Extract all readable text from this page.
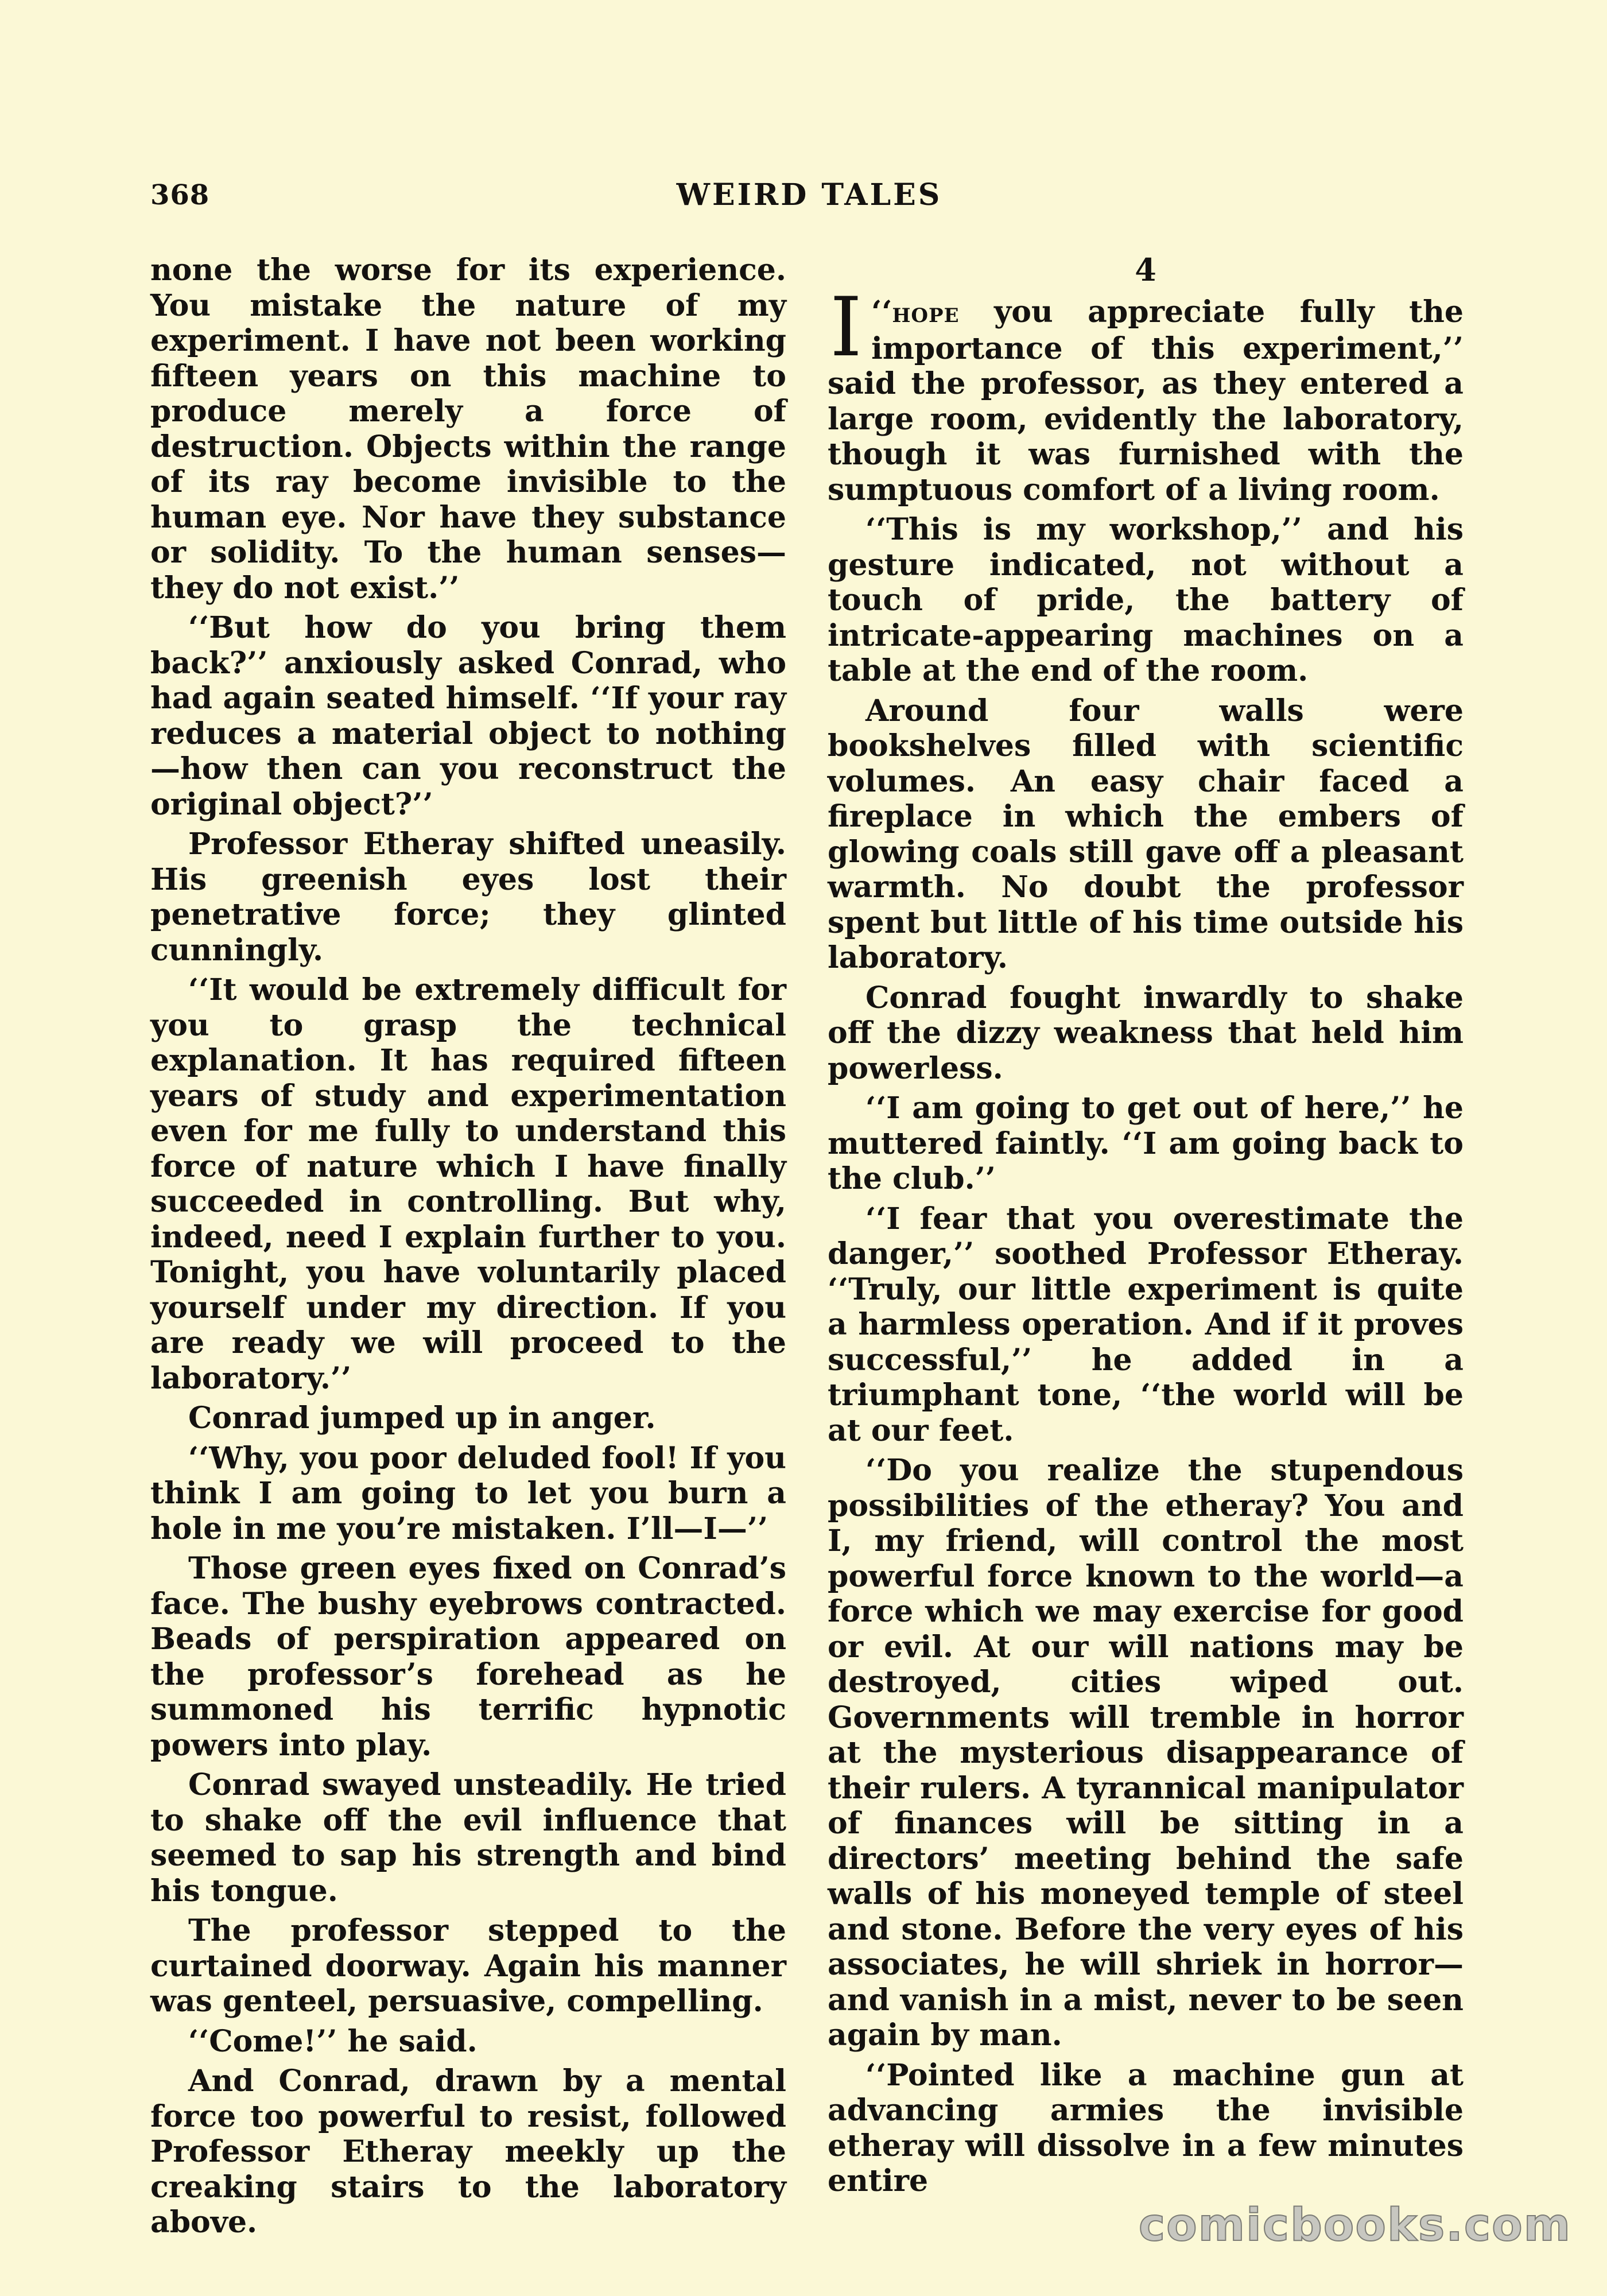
368	WEIRD TALES

none the worse for its experience. You mistake the nature of my experiment. I have not been working fifteen years on this machine to produce merely a force of destruction. Objects within the range of its ray become invisible to the human eye. Nor have they substance or solidity. To the human senses—they do not exist.’’

‘‘But how do you bring them back?’’ anxiously asked Conrad, who had again seated himself. ‘‘If your ray reduces a material object to nothing—how then can you reconstruct the original object?’’

Professor Etheray shifted uneasily. His greenish eyes lost their penetrative force; they glinted cunningly.

‘‘It would be extremely difficult for you to grasp the technical explanation. It has required fifteen years of study and experimentation even for me fully to understand this force of nature which I have finally succeeded in controlling. But why, indeed, need I explain further to you. Tonight, you have voluntarily placed yourself under my direction. If you are ready we will proceed to the laboratory.’’

Conrad jumped up in anger.

‘‘Why, you poor deluded fool! If you think I am going to let you burn a hole in me you’re mistaken. I’ll—I—’’

Those green eyes fixed on Conrad’s face. The bushy eyebrows contracted. Beads of perspiration appeared on the professor’s forehead as he summoned his terrific hypnotic powers into play.

Conrad swayed unsteadily. He tried to shake off the evil influence that seemed to sap his strength and bind his tongue.

The professor stepped to the curtained doorway. Again his manner was genteel, persuasive, compelling.

‘‘Come!’’ he said.

And Conrad, drawn by a mental force too powerful to resist, followed Professor Etheray meekly up the creaking stairs to the laboratory above.

4

‘‘
I hope you appreciate fully the importance of this experiment,’’ said the professor, as they entered a large room, evidently the laboratory, though it was furnished with the sumptuous comfort of a living room.

‘‘This is my workshop,’’ and his gesture indicated, not without a touch of pride, the battery of intricate-appearing machines on a table at the end of the room.

Around four walls were bookshelves filled with scientific volumes. An easy chair faced a fireplace in which the embers of glowing coals still gave off a pleasant warmth. No doubt the professor spent but little of his time outside his laboratory.

Conrad fought inwardly to shake off the dizzy weakness that held him powerless.

‘‘I am going to get out of here,’’ he muttered faintly. ‘‘I am going back to the club.’’

‘‘I fear that you overestimate the danger,’’ soothed Professor Etheray. ‘‘Truly, our little experiment is quite a harmless operation. And if it proves successful,’’ he added in a triumphant tone, ‘‘the world will be at our feet.

‘‘Do you realize the stupendous possibilities of the etheray? You and I, my friend, will control the most powerful force known to the world—a force which we may exercise for good or evil. At our will nations may be destroyed, cities wiped out. Governments will tremble in horror at the mysterious disappearance of their rulers. A tyrannical manipulator of finances will be sitting in a directors’ meeting behind the safe walls of his moneyed temple of steel and stone. Before the very eyes of his associates, he will shriek in horror—and vanish in a mist, never to be seen again by man.

‘‘Pointed like a machine gun at advancing armies the invisible etheray will dissolve in a few minutes entire

comicbooks.com
